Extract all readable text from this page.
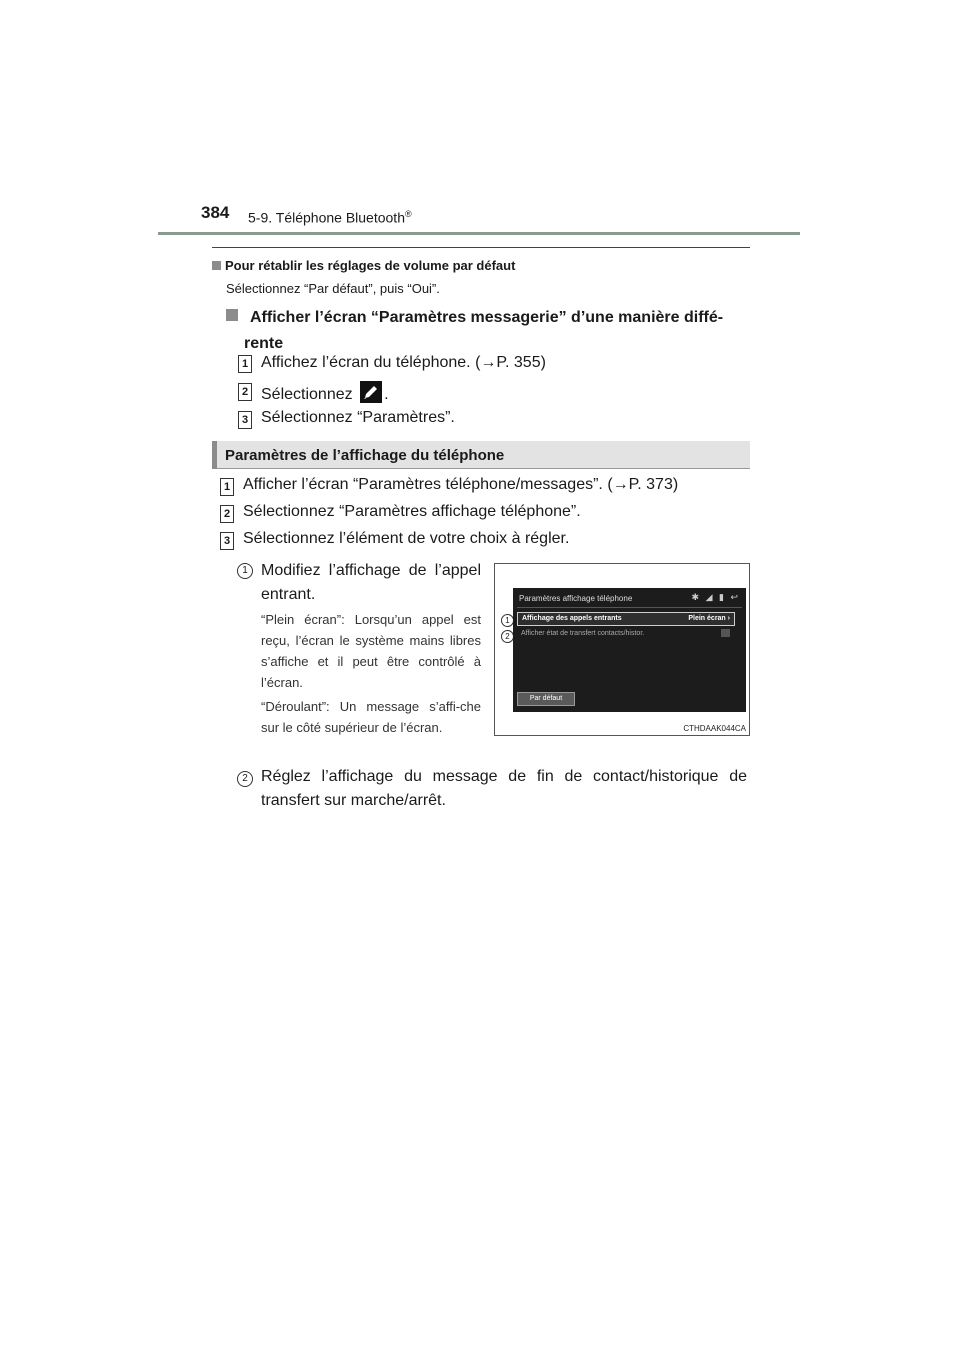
384 5-9. Téléphone Bluetooth®
Pour rétablir les réglages de volume par défaut
Sélectionnez “Par défaut”, puis “Oui”.
Afficher l’écran “Paramètres messagerie” d’une manière diffé-
rente
1 Affichez l’écran du téléphone. (→P. 355)
2 Sélectionnez .
3 Sélectionnez “Paramètres”.
Paramètres de l’affichage du téléphone
1 Afficher l’écran “Paramètres téléphone/messages”. (→P. 373)
2 Sélectionnez “Paramètres affichage téléphone”.
3 Sélectionnez l’élément de votre choix à régler.
1 Modifiez l’affichage de l’appel entrant.
“Plein écran”: Lorsqu’un appel est reçu, l’écran le système mains libres s’affiche et il peut être contrôlé à l’écran.
“Déroulant”: Un message s’affi-che sur le côté supérieur de l’écran.
1
2
Paramètres affichage téléphone	✱ ◢ ▮ ↩
Affichage des appels entrants	Plein écran ›
Afficher état de transfert contacts/histor.
Par défaut
CTHDAAK044CA
2 Réglez l’affichage du message de fin de contact/historique de transfert sur marche/arrêt.
